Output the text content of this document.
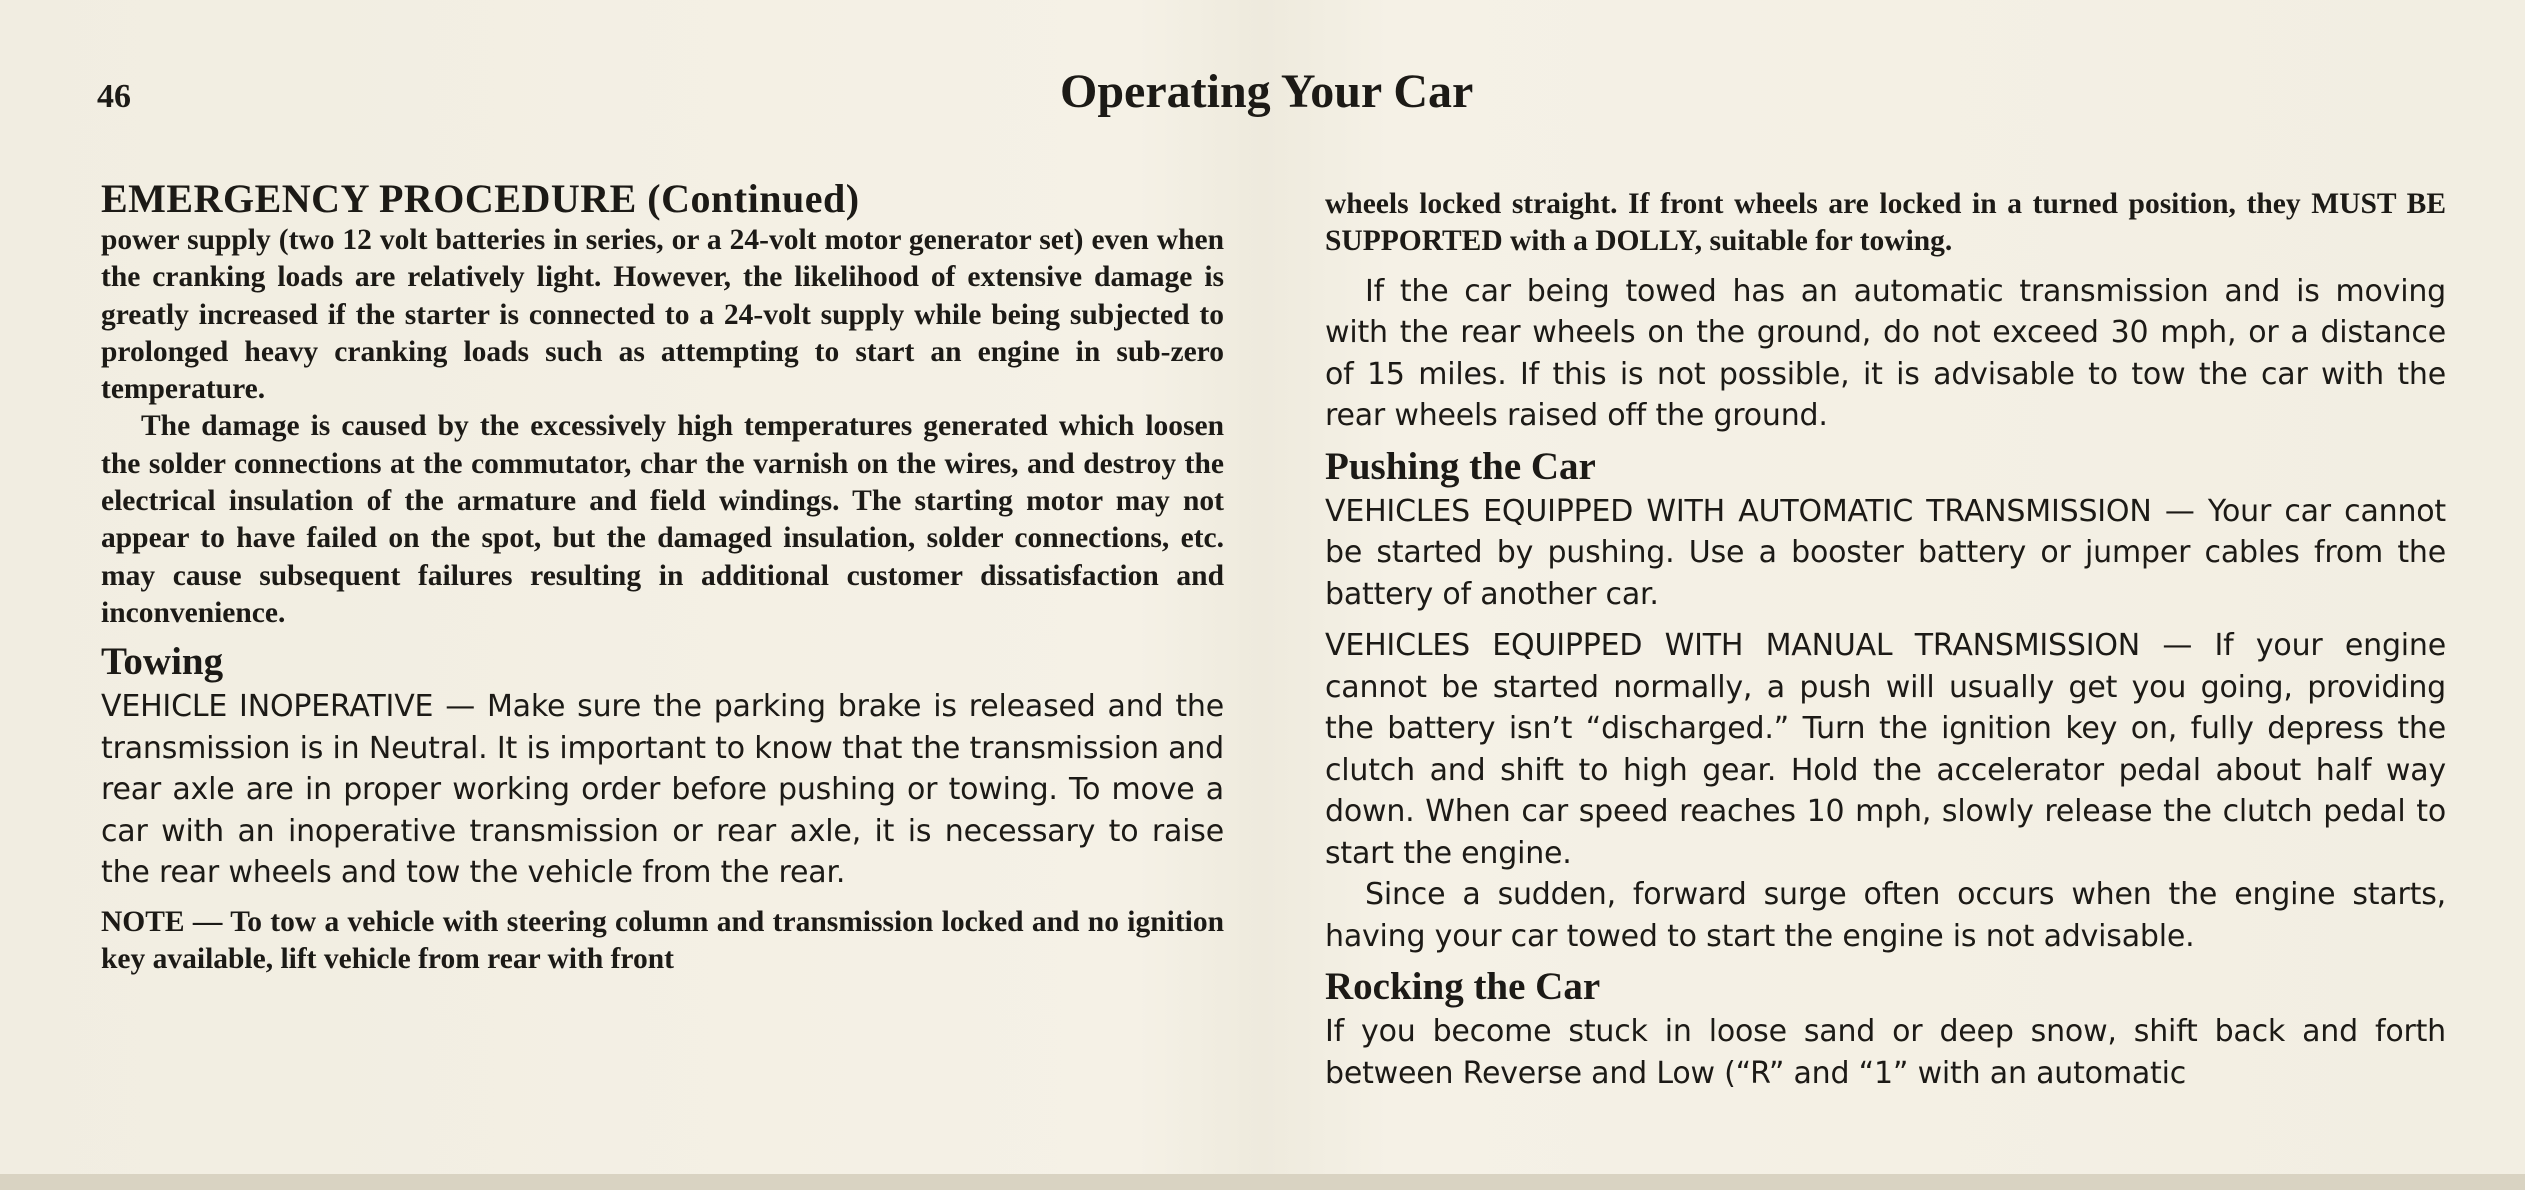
46	Operating Your Car
EMERGENCY PROCEDURE (Continued)

power supply (two 12 volt batteries in series, or a 24-volt motor generator set) even when the cranking loads are relatively light. However, the likelihood of extensive damage is greatly increased if the starter is connected to a 24-volt supply while being subjected to prolonged heavy cranking loads such as attempting to start an engine in sub-zero temperature.

The damage is caused by the excessively high temperatures generated which loosen the solder connections at the commutator, char the varnish on the wires, and destroy the electrical insulation of the armature and field windings. The starting motor may not appear to have failed on the spot, but the damaged insulation, solder connections, etc. may cause subsequent failures resulting in additional customer dissatisfaction and inconvenience.

Towing

VEHICLE INOPERATIVE — Make sure the parking brake is released and the transmission is in Neutral. It is important to know that the transmission and rear axle are in proper working order before pushing or towing. To move a car with an inoperative transmission or rear axle, it is necessary to raise the rear wheels and tow the vehicle from the rear.

NOTE — To tow a vehicle with steering column and transmission locked and no ignition key available, lift vehicle from rear with front

wheels locked straight. If front wheels are locked in a turned position, they MUST BE SUPPORTED with a DOLLY, suitable for towing.

If the car being towed has an automatic transmission and is moving with the rear wheels on the ground, do not exceed 30 mph, or a distance of 15 miles. If this is not possible, it is advisable to tow the car with the rear wheels raised off the ground.

Pushing the Car

VEHICLES EQUIPPED WITH AUTOMATIC TRANSMISSION — Your car cannot be started by pushing. Use a booster battery or jumper cables from the battery of another car.

VEHICLES EQUIPPED WITH MANUAL TRANSMISSION — If your engine cannot be started normally, a push will usually get you going, providing the battery isn’t “discharged.” Turn the ignition key on, fully depress the clutch and shift to high gear. Hold the accelerator pedal about half way down. When car speed reaches 10 mph, slowly release the clutch pedal to start the engine.

Since a sudden, forward surge often occurs when the engine starts, having your car towed to start the engine is not advisable.

Rocking the Car

If you become stuck in loose sand or deep snow, shift back and forth between Reverse and Low (“R” and “1” with an automatic
